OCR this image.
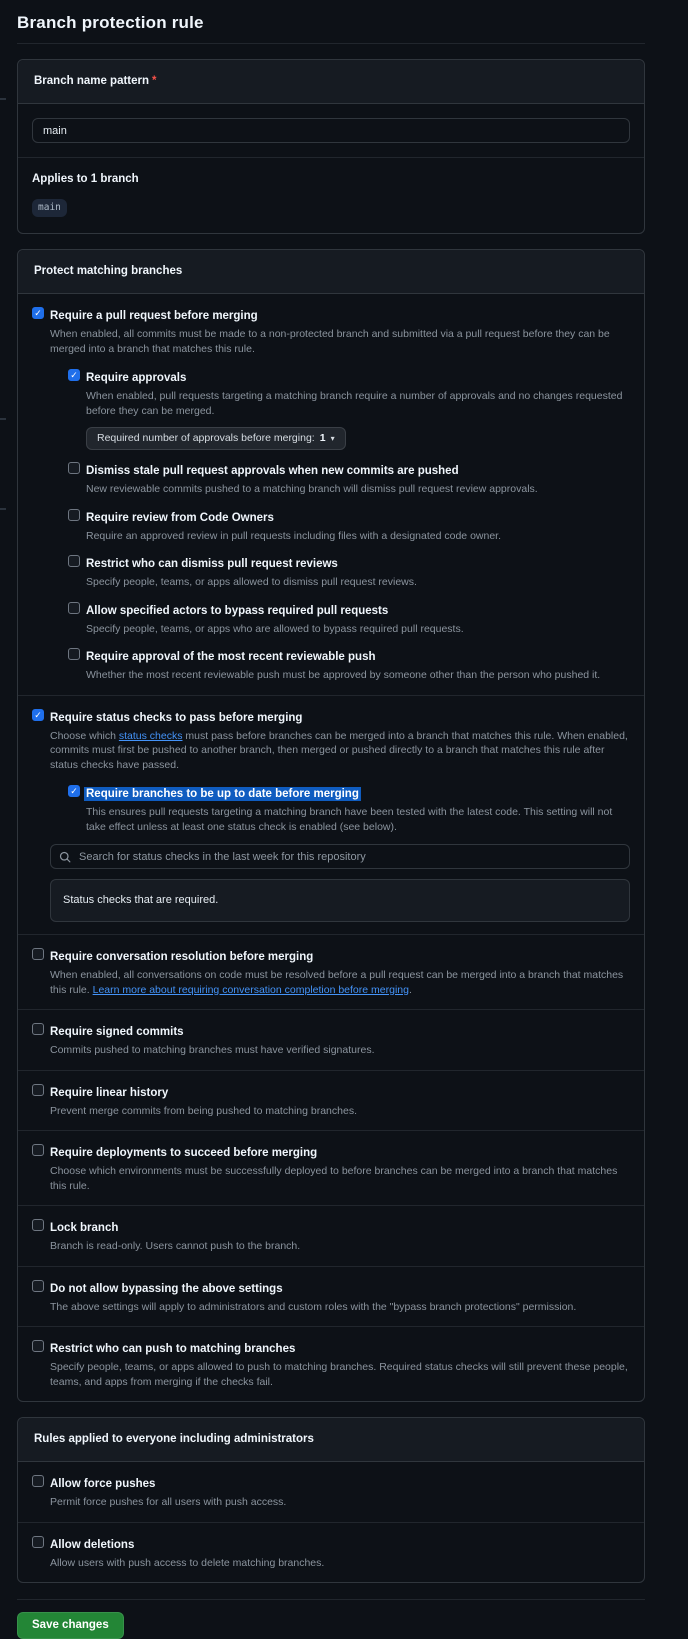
Branch protection rule
Branch name pattern *
main
Applies to 1 branch
main
Protect matching branches
✓ Require a pull request before merging
When enabled, all commits must be made to a non-protected branch and submitted via a pull request before they can be merged into a branch that matches this rule.
✓ Require approvals
When enabled, pull requests targeting a matching branch require a number of approvals and no changes requested before they can be merged.
Required number of approvals before merging: 1 ▾
Dismiss stale pull request approvals when new commits are pushed
New reviewable commits pushed to a matching branch will dismiss pull request review approvals.
Require review from Code Owners
Require an approved review in pull requests including files with a designated code owner.
Restrict who can dismiss pull request reviews
Specify people, teams, or apps allowed to dismiss pull request reviews.
Allow specified actors to bypass required pull requests
Specify people, teams, or apps who are allowed to bypass required pull requests.
Require approval of the most recent reviewable push
Whether the most recent reviewable push must be approved by someone other than the person who pushed it.
✓ Require status checks to pass before merging
Choose which status checks must pass before branches can be merged into a branch that matches this rule. When enabled, commits must first be pushed to another branch, then merged or pushed directly to a branch that matches this rule after status checks have passed.
✓ Require branches to be up to date before merging
This ensures pull requests targeting a matching branch have been tested with the latest code. This setting will not take effect unless at least one status check is enabled (see below).
Search for status checks in the last week for this repository
Status checks that are required.
Require conversation resolution before merging
When enabled, all conversations on code must be resolved before a pull request can be merged into a branch that matches this rule. Learn more about requiring conversation completion before merging.
Require signed commits
Commits pushed to matching branches must have verified signatures.
Require linear history
Prevent merge commits from being pushed to matching branches.
Require deployments to succeed before merging
Choose which environments must be successfully deployed to before branches can be merged into a branch that matches this rule.
Lock branch
Branch is read-only. Users cannot push to the branch.
Do not allow bypassing the above settings
The above settings will apply to administrators and custom roles with the "bypass branch protections" permission.
Restrict who can push to matching branches
Specify people, teams, or apps allowed to push to matching branches. Required status checks will still prevent these people, teams, and apps from merging if the checks fail.
Rules applied to everyone including administrators
Allow force pushes
Permit force pushes for all users with push access.
Allow deletions
Allow users with push access to delete matching branches.
Save changes
